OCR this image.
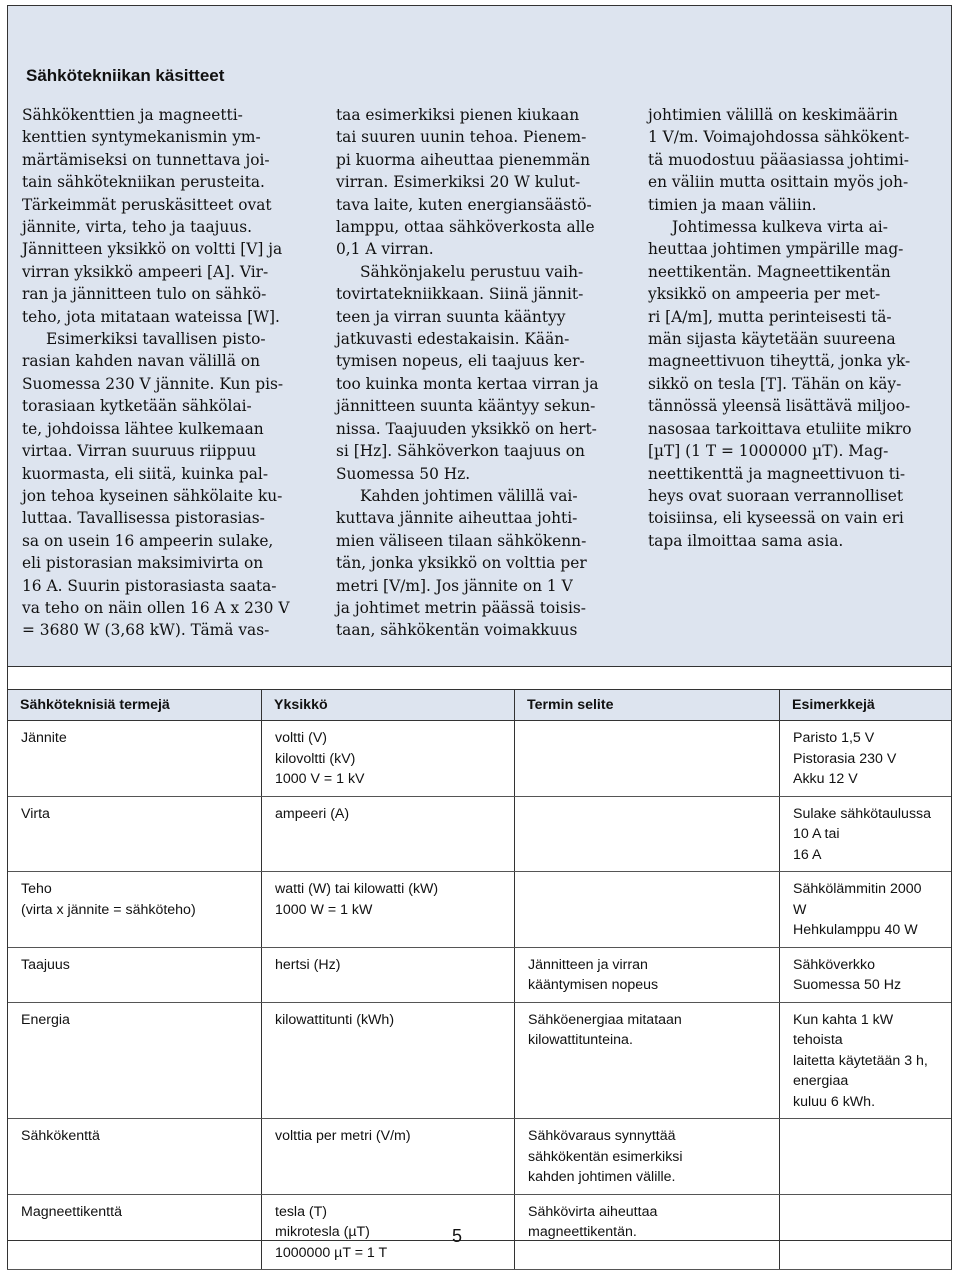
Sähkötekniikan käsitteet

Sähkökenttien ja magneetti-
kenttien syntymekanismin ym-
märtämiseksi on tunnettava joi-
tain sähkötekniikan perusteita.
Tärkeimmät peruskäsitteet ovat
jännite, virta, teho ja taajuus.
Jännitteen yksikkö on voltti [V] ja
virran yksikkö ampeeri [A]. Vir-
ran ja jännitteen tulo on sähkö-
teho, jota mitataan wateissa [W].

Esimerkiksi tavallisen pisto-
rasian kahden navan välillä on
Suomessa 230 V jännite. Kun pis-
torasiaan kytketään sähkölai-
te, johdoissa lähtee kulkemaan
virtaa. Virran suuruus riippuu
kuormasta, eli siitä, kuinka pal-
jon tehoa kyseinen sähkölaite ku-
luttaa. Tavallisessa pistorasias-
sa on usein 16 ampeerin sulake,
eli pistorasian maksimivirta on
16 A. Suurin pistorasiasta saata-
va teho on näin ollen 16 A x 230 V
= 3680 W (3,68 kW). Tämä vas-

taa esimerkiksi pienen kiukaan
tai suuren uunin tehoa. Pienem-
pi kuorma aiheuttaa pienemmän
virran. Esimerkiksi 20 W kulut-
tava laite, kuten energiansäästö-
lamppu, ottaa sähköverkosta alle
0,1 A virran.

Sähkönjakelu perustuu vaih-
tovirtatekniikkaan. Siinä jännit-
teen ja virran suunta kääntyy
jatkuvasti edestakaisin. Kään-
tymisen nopeus, eli taajuus ker-
too kuinka monta kertaa virran ja
jännitteen suunta kääntyy sekun-
nissa. Taajuuden yksikkö on hert-
si [Hz]. Sähköverkon taajuus on
Suomessa 50 Hz.

Kahden johtimen välillä vai-
kuttava jännite aiheuttaa johti-
mien väliseen tilaan sähkökenn-
tän, jonka yksikkö on volttia per
metri [V/m]. Jos jännite on 1 V
ja johtimet metrin päässä toisis-
taan, sähkökentän voimakkuus

johtimien välillä on keskimäärin
1 V/m. Voimajohdossa sähkökent-
tä muodostuu pääasiassa johtimi-
en väliin mutta osittain myös joh-
timien ja maan väliin.

Johtimessa kulkeva virta ai-
heuttaa johtimen ympärille mag-
neettikentän. Magneettikentän
yksikkö on ampeeria per met-
ri [A/m], mutta perinteisesti tä-
män sijasta käytetään suureena
magneettivuon tiheyttä, jonka yk-
sikkö on tesla [T]. Tähän on käy-
tännössä yleensä lisättävä miljoo-
nasosaa tarkoittava etuliite mikro
[µT] (1 T = 1000000 µT). Mag-
neettikenttä ja magneettivuon ti-
heys ovat suoraan verrannolliset
toisiinsa, eli kyseessä on vain eri
tapa ilmoittaa sama asia.

Sähköteknisiä termejä	Yksikkö	Termin selite	Esimerkkejä

Jännite	voltti (V)
kilovoltti (kV)
1000 V = 1 kV		Paristo 1,5 V
Pistorasia 230 V
Akku 12 V

Virta	ampeeri (A)		Sulake sähkötaulussa 10 A tai
16 A

Teho
(virta x jännite = sähköteho)	watti (W) tai kilowatti (kW)
1000 W = 1 kW		Sähkölämmitin 2000 W
Hehkulamppu 40 W

Taajuus	hertsi (Hz)	Jännitteen ja virran
kääntymisen nopeus	Sähköverkko Suomessa 50 Hz

Energia	kilowattitunti (kWh)	Sähköenergiaa mitataan
kilowattitunteina.	Kun kahta 1 kW tehoista
laitetta käytetään 3 h, energiaa
kuluu 6 kWh.

Sähkökenttä	volttia per metri (V/m)	Sähkövaraus synnyttää
sähkökentän esimerkiksi
kahden johtimen välille.	

Magneettikenttä	tesla (T)
mikrotesla (µT)
1000000 µT = 1 T	Sähkövirta aiheuttaa
magneettikentän.	

5
